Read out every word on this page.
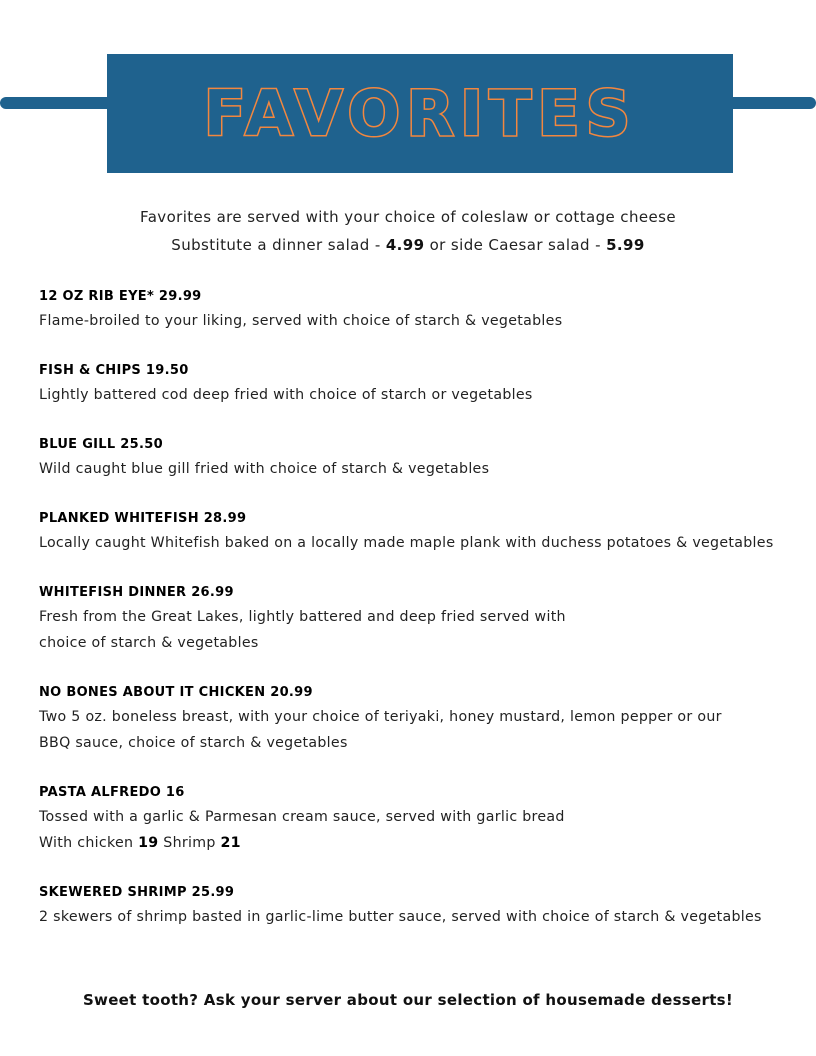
FAVORITES
Favorites are served with your choice of coleslaw or cottage cheese
Substitute a dinner salad - 4.99 or side Caesar salad - 5.99
12 OZ RIB EYE* 29.99
Flame-broiled to your liking, served with choice of starch & vegetables
FISH & CHIPS 19.50
Lightly battered cod deep fried with choice of starch or vegetables
BLUE GILL 25.50
Wild caught blue gill fried with choice of starch & vegetables
PLANKED WHITEFISH 28.99
Locally caught Whitefish baked on a locally made maple plank with duchess potatoes & vegetables
WHITEFISH DINNER 26.99
Fresh from the Great Lakes, lightly battered and deep fried served with
choice of starch & vegetables
NO BONES ABOUT IT CHICKEN 20.99
Two 5 oz. boneless breast, with your choice of teriyaki, honey mustard, lemon pepper or our
BBQ sauce, choice of starch & vegetables
PASTA ALFREDO 16
Tossed with a garlic & Parmesan cream sauce, served with garlic bread
With chicken 19 Shrimp 21
SKEWERED SHRIMP 25.99
2 skewers of shrimp basted in garlic-lime butter sauce, served with choice of starch & vegetables
Sweet tooth? Ask your server about our selection of housemade desserts!
